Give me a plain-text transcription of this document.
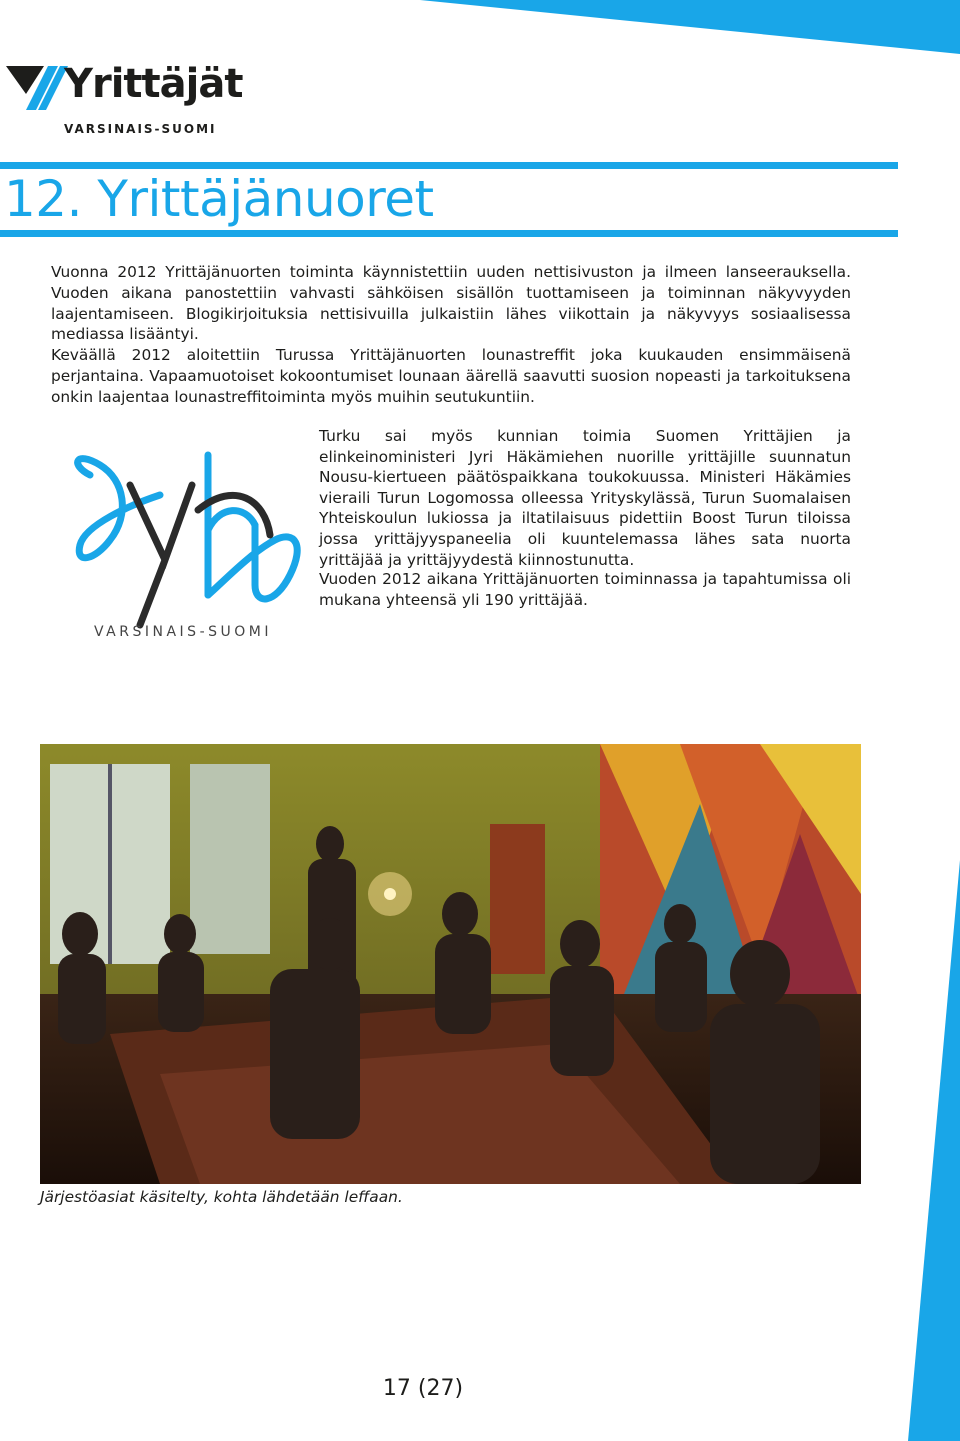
Yrittäjät
VARSINAIS-SUOMI
12. Yrittäjänuoret

Vuonna 2012 Yrittäjänuorten toiminta käynnistettiin uuden nettisivuston ja ilmeen lanseerauksella. Vuoden aikana panostettiin vahvasti sähköisen sisällön tuottamiseen ja toiminnan näkyvyyden laajentamiseen. Blogikirjoituksia nettisivuilla julkaistiin lähes viikottain ja näkyvyys sosiaalisessa mediassa lisääntyi.

Keväällä 2012 aloitettiin Turussa Yrittäjänuorten lounastreffit joka kuukauden ensimmäisenä perjantaina. Vapaamuotoiset kokoontumiset lounaan äärellä saavutti suosion nopeasti ja tarkoituksena onkin laajentaa lounastreffitoiminta myös muihin seutukuntiin.

VARSINAIS-SUOMI

Turku sai myös kunnian toimia Suomen Yrittäjien ja elinkeinoministeri Jyri Häkämiehen nuorille yrittäjille suunnatun Nousu-kiertueen päätöspaikkana toukokuussa. Ministeri Häkämies vieraili Turun Logomossa olleessa Yrityskylässä, Turun Suomalaisen Yhteiskoulun lukiossa ja iltatilaisuus pidettiin Boost Turun tiloissa jossa yrittäjyyspaneelia oli kuuntelemassa lähes sata nuorta yrittäjää ja yrittäjyydestä kiinnostunutta.

Vuoden 2012 aikana Yrittäjänuorten toiminnassa ja tapahtumissa oli mukana yhteensä yli 190 yrittäjää.

Järjestöasiat käsitelty, kohta lähdetään leffaan.
17 (27)
